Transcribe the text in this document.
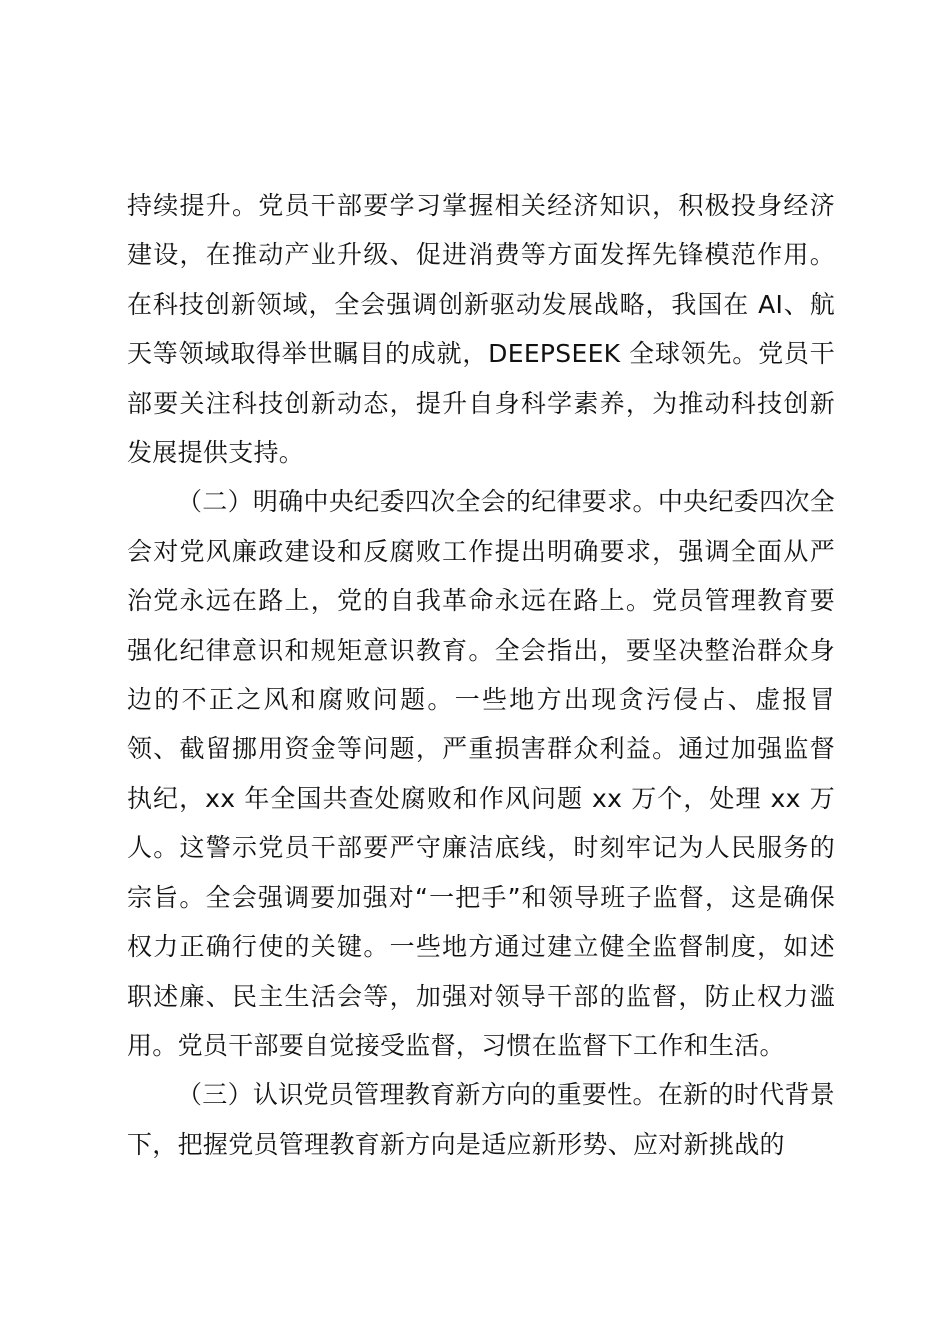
持续提升。党员干部要学习掌握相关经济知识，积极投身经济建设，在推动产业升级、促进消费等方面发挥先锋模范作用。在科技创新领域，全会强调创新驱动发展战略，我国在 AI、航天等领域取得举世瞩目的成就，DEEPSEEK 全球领先。党员干部要关注科技创新动态，提升自身科学素养，为推动科技创新发展提供支持。

（二）明确中央纪委四次全会的纪律要求。中央纪委四次全会对党风廉政建设和反腐败工作提出明确要求，强调全面从严治党永远在路上，党的自我革命永远在路上。党员管理教育要强化纪律意识和规矩意识教育。全会指出，要坚决整治群众身边的不正之风和腐败问题。一些地方出现贪污侵占、虚报冒领、截留挪用资金等问题，严重损害群众利益。通过加强监督执纪，xx 年全国共查处腐败和作风问题 xx 万个，处理 xx 万人。这警示党员干部要严守廉洁底线，时刻牢记为人民服务的宗旨。全会强调要加强对“一把手”和领导班子监督，这是确保权力正确行使的关键。一些地方通过建立健全监督制度，如述职述廉、民主生活会等，加强对领导干部的监督，防止权力滥用。党员干部要自觉接受监督，习惯在监督下工作和生活。

（三）认识党员管理教育新方向的重要性。在新的时代背景下，把握党员管理教育新方向是适应新形势、应对新挑战的
